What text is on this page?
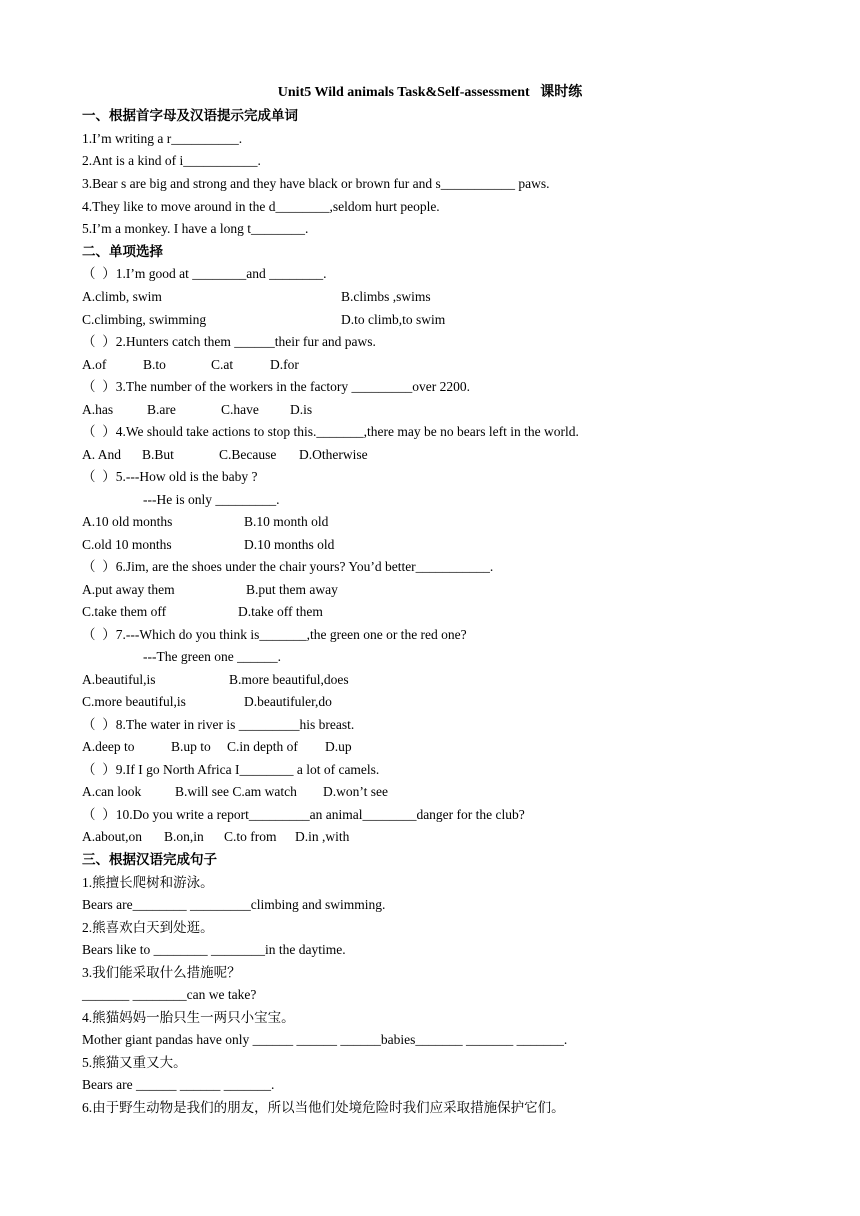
Unit5 Wild animals Task&Self-assessment   课时练
一、根据首字母及汉语提示完成单词
1.I’m writing a r__________.
2.Ant is a kind of i___________.
3.Bear s are big and strong and they have black or brown fur and s___________ paws.
4.They like to move around in the d________,seldom hurt people.
5.I’m a monkey. I have a long t________.
二、单项选择
（  ）1.I’m good at ________and ________.
A.climb, swim	B.climbs ,swims
C.climbing, swimming	D.to climb,to swim
（  ）2.Hunters catch them ______their fur and paws.
A.of	B.to	C.at	D.for
（  ）3.The number of the workers in the factory _________over 2200.
A.has	B.are	C.have D.is
（  ）4.We should take actions to stop this._______,there may be no bears left in the world.
A. And B.But	C.Because D.Otherwise
（  ）5.---How old is the baby ?
---He is only _________.
A.10 old months	B.10 month old
C.old 10 months	D.10 months old
（  ）6.Jim, are the shoes under the chair yours? You’d better___________.
A.put away them	B.put them away
C.take them off	D.take off them
（  ）7.---Which do you think is_______,the green one or the red one?
---The green one ______.
A.beautiful,is	B.more beautiful,does
C.more beautiful,is	D.beautifuler,do
（  ）8.The water in river is _________his breast.
A.deep to	B.up to C.in depth of D.up
（  ）9.If I go North Africa I________ a lot of camels.
A.can look	B.will see C.am watch D.won’t see
（  ）10.Do you write a report_________an animal________danger for the club?
A.about,on B.on,in C.to from D.in ,with
三、根据汉语完成句子
1.熊擅长爬树和游泳。
Bears are________ _________climbing and swimming.
2.熊喜欢白天到处逛。
Bears like to ________ ________in the daytime.
3.我们能采取什么措施呢？
_______ ________can we take?
4.熊猫妈妈一胎只生一两只小宝宝。
Mother giant pandas have only ______ ______ ______babies_______ _______ _______.
5.熊猫又重又大。
Bears are ______ ______ _______.
6.由于野生动物是我们的朋友，所以当他们处境危险时我们应采取措施保护它们。
